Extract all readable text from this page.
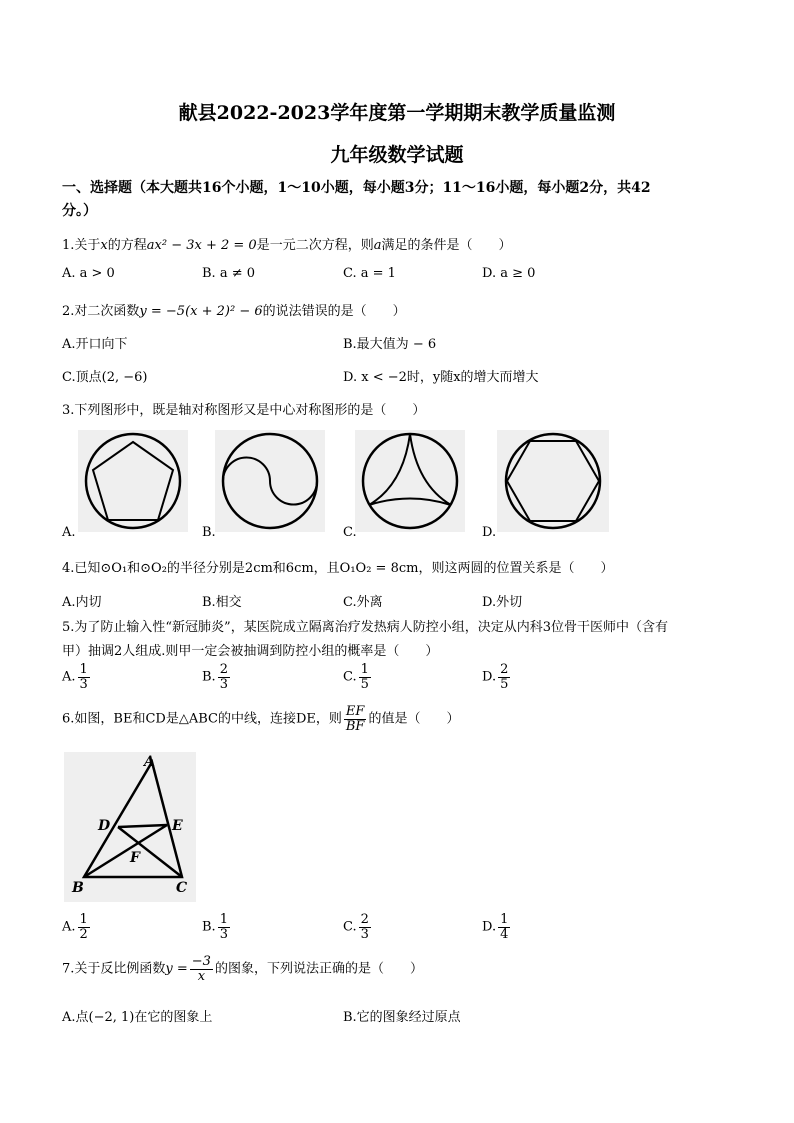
献县2022-2023学年度第一学期期末教学质量监测
九年级数学试题
一、选择题（本大题共16个小题，1～10小题，每小题3分；11～16小题，每小题2分，共42
分。）
1.关于x的方程ax² − 3x + 2 = 0是一元二次方程，则a满足的条件是（　　）
A. a > 0	B. a ≠ 0	C. a = 1	D. a ≥ 0
2.对二次函数y = −5(x + 2)² − 6的说法错误的是（　　）
A.开口向下	B.最大值为 − 6
C.顶点(2, −6)	D. x < −2时，y随x的增大而增大
3.下列图形中，既是轴对称图形又是中心对称图形的是（　　）
A.	B.	C.	D.
4.已知⊙O₁和⊙O₂的半径分别是2cm和6cm，且O₁O₂ = 8cm，则这两圆的位置关系是（　　）
A.内切	B.相交	C.外离	D.外切
5.为了防止输入性“新冠肺炎”，某医院成立隔离治疗发热病人防控小组，决定从内科3位骨干医师中（含有
甲）抽调2人组成.则甲一定会被抽调到防控小组的概率是（　　）
A. $\frac{1}{3}$	B. $\frac{2}{3}$	C. $\frac{1}{5}$	D. $\frac{2}{5}$
6.如图，BE和CD是△ABC的中线，连接DE，则 $\frac{EF}{BF}$ 的值是（　　）
A
D	E
F
B	C
A. $\frac{1}{2}$	B. $\frac{1}{3}$	C. $\frac{2}{3}$	D. $\frac{1}{4}$
7.关于反比例函数$y = \frac{-3}{x}$ 的图象，下列说法正确的是（　　）
A.点(−2, 1)在它的图象上	B.它的图象经过原点
